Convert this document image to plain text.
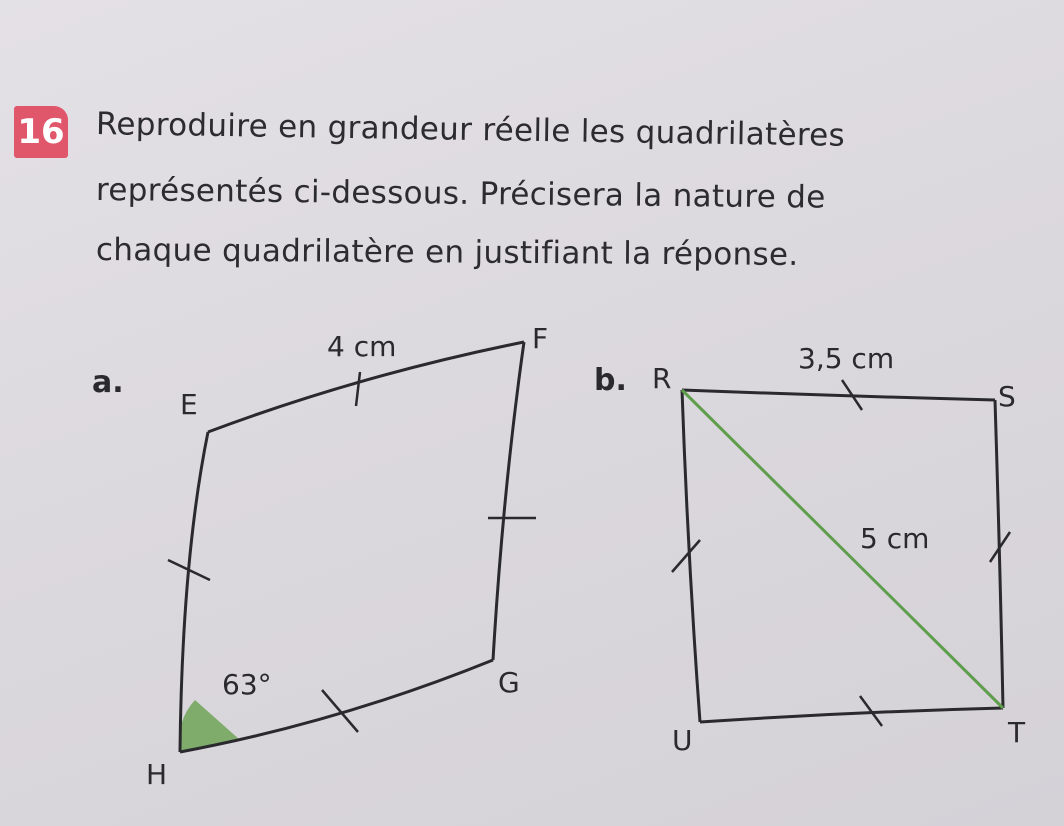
16 Reproduire en grandeur réelle les quadrilatères
représentés ci-dessous. Précisera la nature de
chaque quadrilatère en justifiant la réponse.
a.
4 cm	F
E
G
H
63°
b. R
3,5 cm
S
5 cm
T
U
